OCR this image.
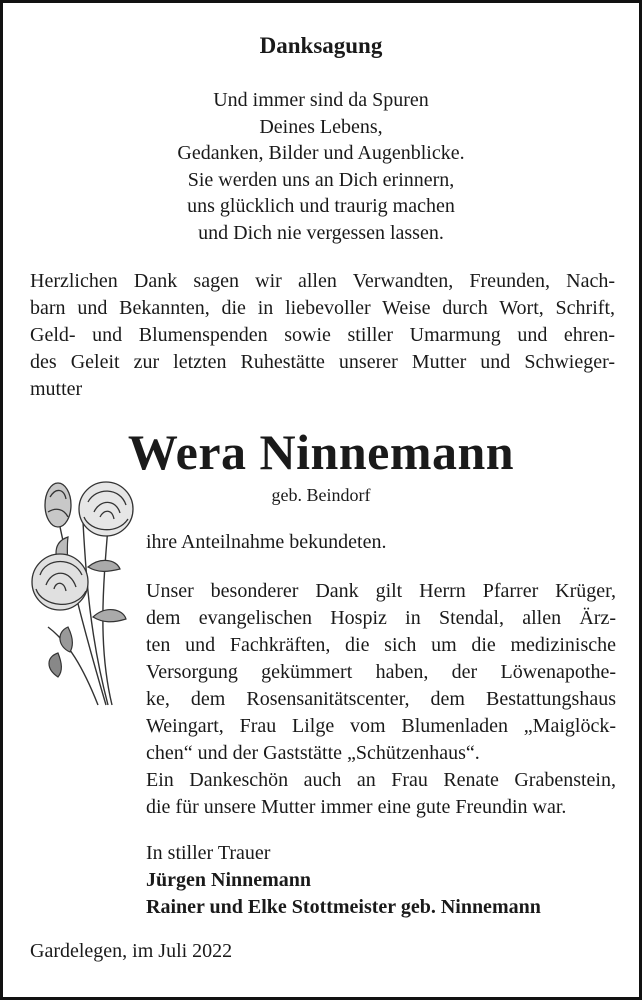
Danksagung
Und immer sind da Spuren
Deines Lebens,
Gedanken, Bilder und Augenblicke.
Sie werden uns an Dich erinnern,
uns glücklich und traurig machen
und Dich nie vergessen lassen.
Herzlichen Dank sagen wir allen Verwandten, Freunden, Nach-
barn und Bekannten, die in liebevoller Weise durch Wort, Schrift,
Geld- und Blumenspenden sowie stiller Umarmung und ehren-
des Geleit zur letzten Ruhestätte unserer Mutter und Schwieger-
mutter
Wera Ninnemann
geb. Beindorf
ihre Anteilnahme bekundeten.
Unser besonderer Dank gilt Herrn Pfarrer Krüger,
dem evangelischen Hospiz in Stendal, allen Ärz-
ten und Fachkräften, die sich um die medizinische
Versorgung gekümmert haben, der Löwenapothe-
ke, dem Rosensanitätscenter, dem Bestattungshaus
Weingart, Frau Lilge vom Blumenladen „Maiglöck-
chen“ und der Gaststätte „Schützenhaus“.
Ein Dankeschön auch an Frau Renate Grabenstein,
die für unsere Mutter immer eine gute Freundin war.
In stiller Trauer
Jürgen Ninnemann
Rainer und Elke Stottmeister geb. Ninnemann
Gardelegen, im Juli 2022
